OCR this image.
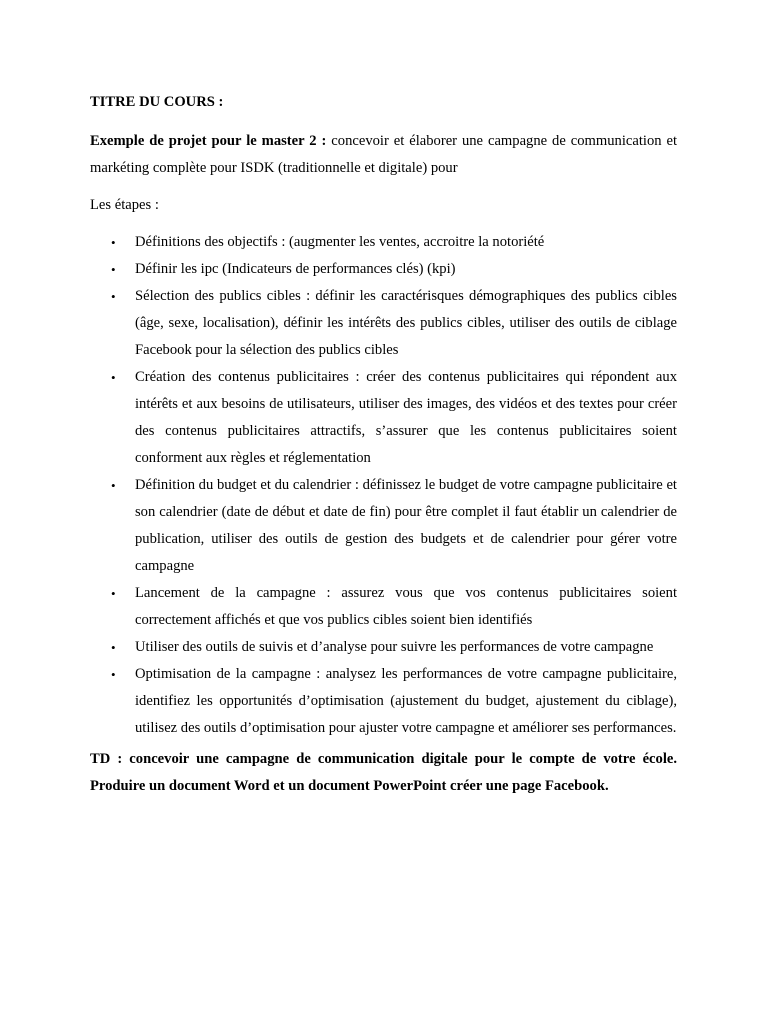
TITRE DU COURS :

Exemple de projet pour le master 2 : concevoir et élaborer une campagne de communication et markéting complète pour ISDK (traditionnelle et digitale) pour

Les étapes :

• Définitions des objectifs : (augmenter les ventes, accroitre la notoriété
• Définir les ipc (Indicateurs de performances clés) (kpi)
• Sélection des publics cibles : définir les caractérisques démographiques des publics cibles (âge, sexe, localisation), définir les intérêts des publics cibles, utiliser des outils de ciblage Facebook pour la sélection des publics cibles
• Création des contenus publicitaires : créer des contenus publicitaires qui répondent aux intérêts et aux besoins de utilisateurs, utiliser des images, des vidéos et des textes pour créer des contenus publicitaires attractifs, s’assurer que les contenus publicitaires soient conforment aux règles et réglementation
• Définition du budget et du calendrier : définissez le budget de votre campagne publicitaire et son calendrier (date de début et date de fin) pour être complet il faut établir un calendrier de publication, utiliser des outils de gestion des budgets et de calendrier pour gérer votre campagne
• Lancement de la campagne : assurez vous que vos contenus publicitaires soient correctement affichés et que vos publics cibles soient bien identifiés
• Utiliser des outils de suivis et d’analyse pour suivre les performances de votre campagne
• Optimisation de la campagne : analysez les performances de votre campagne publicitaire, identifiez les opportunités d’optimisation (ajustement du budget, ajustement du ciblage), utilisez des outils d’optimisation pour ajuster votre campagne et améliorer ses performances.

TD : concevoir une campagne de communication digitale pour le compte de votre école. Produire un document Word et un document PowerPoint créer une page Facebook.
